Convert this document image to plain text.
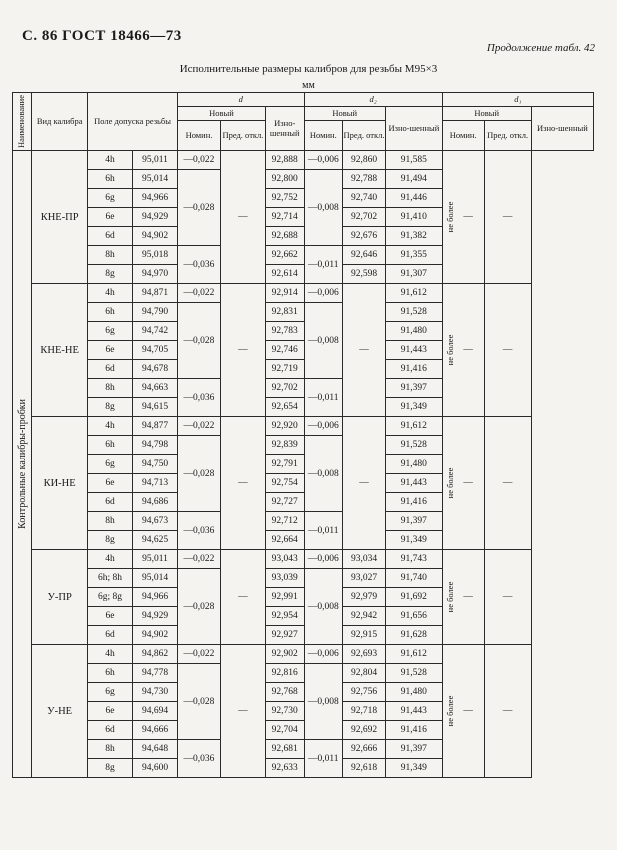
С. 86 ГОСТ 18466—73
Продолжение табл. 42
Исполнительные размеры калибров для резьбы М95×3
мм
Наименование	Вид калибра	Поле допуска резьбы		d			d₂			d₁		
				Новый		Изно-шенный	Новый		Изно-шенный	Новый		Изно-шенный
				Номин.	Пред. откл.		Номин.	Пред. откл.		Номин.	Пред. откл.	

Контрольные калибры-пробки	КНЕ-ПР	4h	95,011	—0,022	—	92,888	—0,006	92,860	91,585	не более —	—	
		6h	95,014	—0,028		92,800	—0,008	92,788	91,494			
		6g	94,966			92,752		92,740	91,446			
		6e	94,929			92,714		92,702	91,410			
		6d	94,902			92,688		92,676	91,382			
		8h	95,018	—0,036		92,662	—0,011	92,646	91,355			
		8g	94,970			92,614		92,598	91,307			
	КНЕ-НЕ	4h	94,871	—0,022	—	92,914	—0,006	—	91,612	не более —	—	
		6h	94,790	—0,028		92,831	—0,008		91,528			
		6g	94,742			92,783			91,480			
		6e	94,705			92,746			91,443			
		6d	94,678			92,719			91,416			
		8h	94,663	—0,036		92,702	—0,011		91,397			
		8g	94,615			92,654			91,349			
	КИ-НЕ	4h	94,877	—0,022	—	92,920	—0,006	—	91,612	не более —	—	
		6h	94,798	—0,028		92,839	—0,008		91,528			
		6g	94,750			92,791			91,480			
		6e	94,713			92,754			91,443			
		6d	94,686			92,727			91,416			
		8h	94,673	—0,036		92,712	—0,011		91,397			
		8g	94,625			92,664			91,349			
	У-ПР	4h	95,011	—0,022	—	93,043	—0,006	93,034	91,743	не более —	—	
		6h; 8h	95,014	—0,028		93,039	—0,008	93,027	91,740			
		6g; 8g	94,966			92,991		92,979	91,692			
		6e	94,929			92,954		92,942	91,656			
		6d	94,902			92,927		92,915	91,628			
	У-НЕ	4h	94,862	—0,022	—	92,902	—0,006	92,693	91,612	не более —	—	
		6h	94,778	—0,028		92,816	—0,008	92,804	91,528			
		6g	94,730			92,768		92,756	91,480			
		6e	94,694			92,730		92,718	91,443			
		6d	94,666			92,704		92,692	91,416			
		8h	94,648	—0,036		92,681	—0,011	92,666	91,397			
		8g	94,600			92,633		92,618	91,349			
